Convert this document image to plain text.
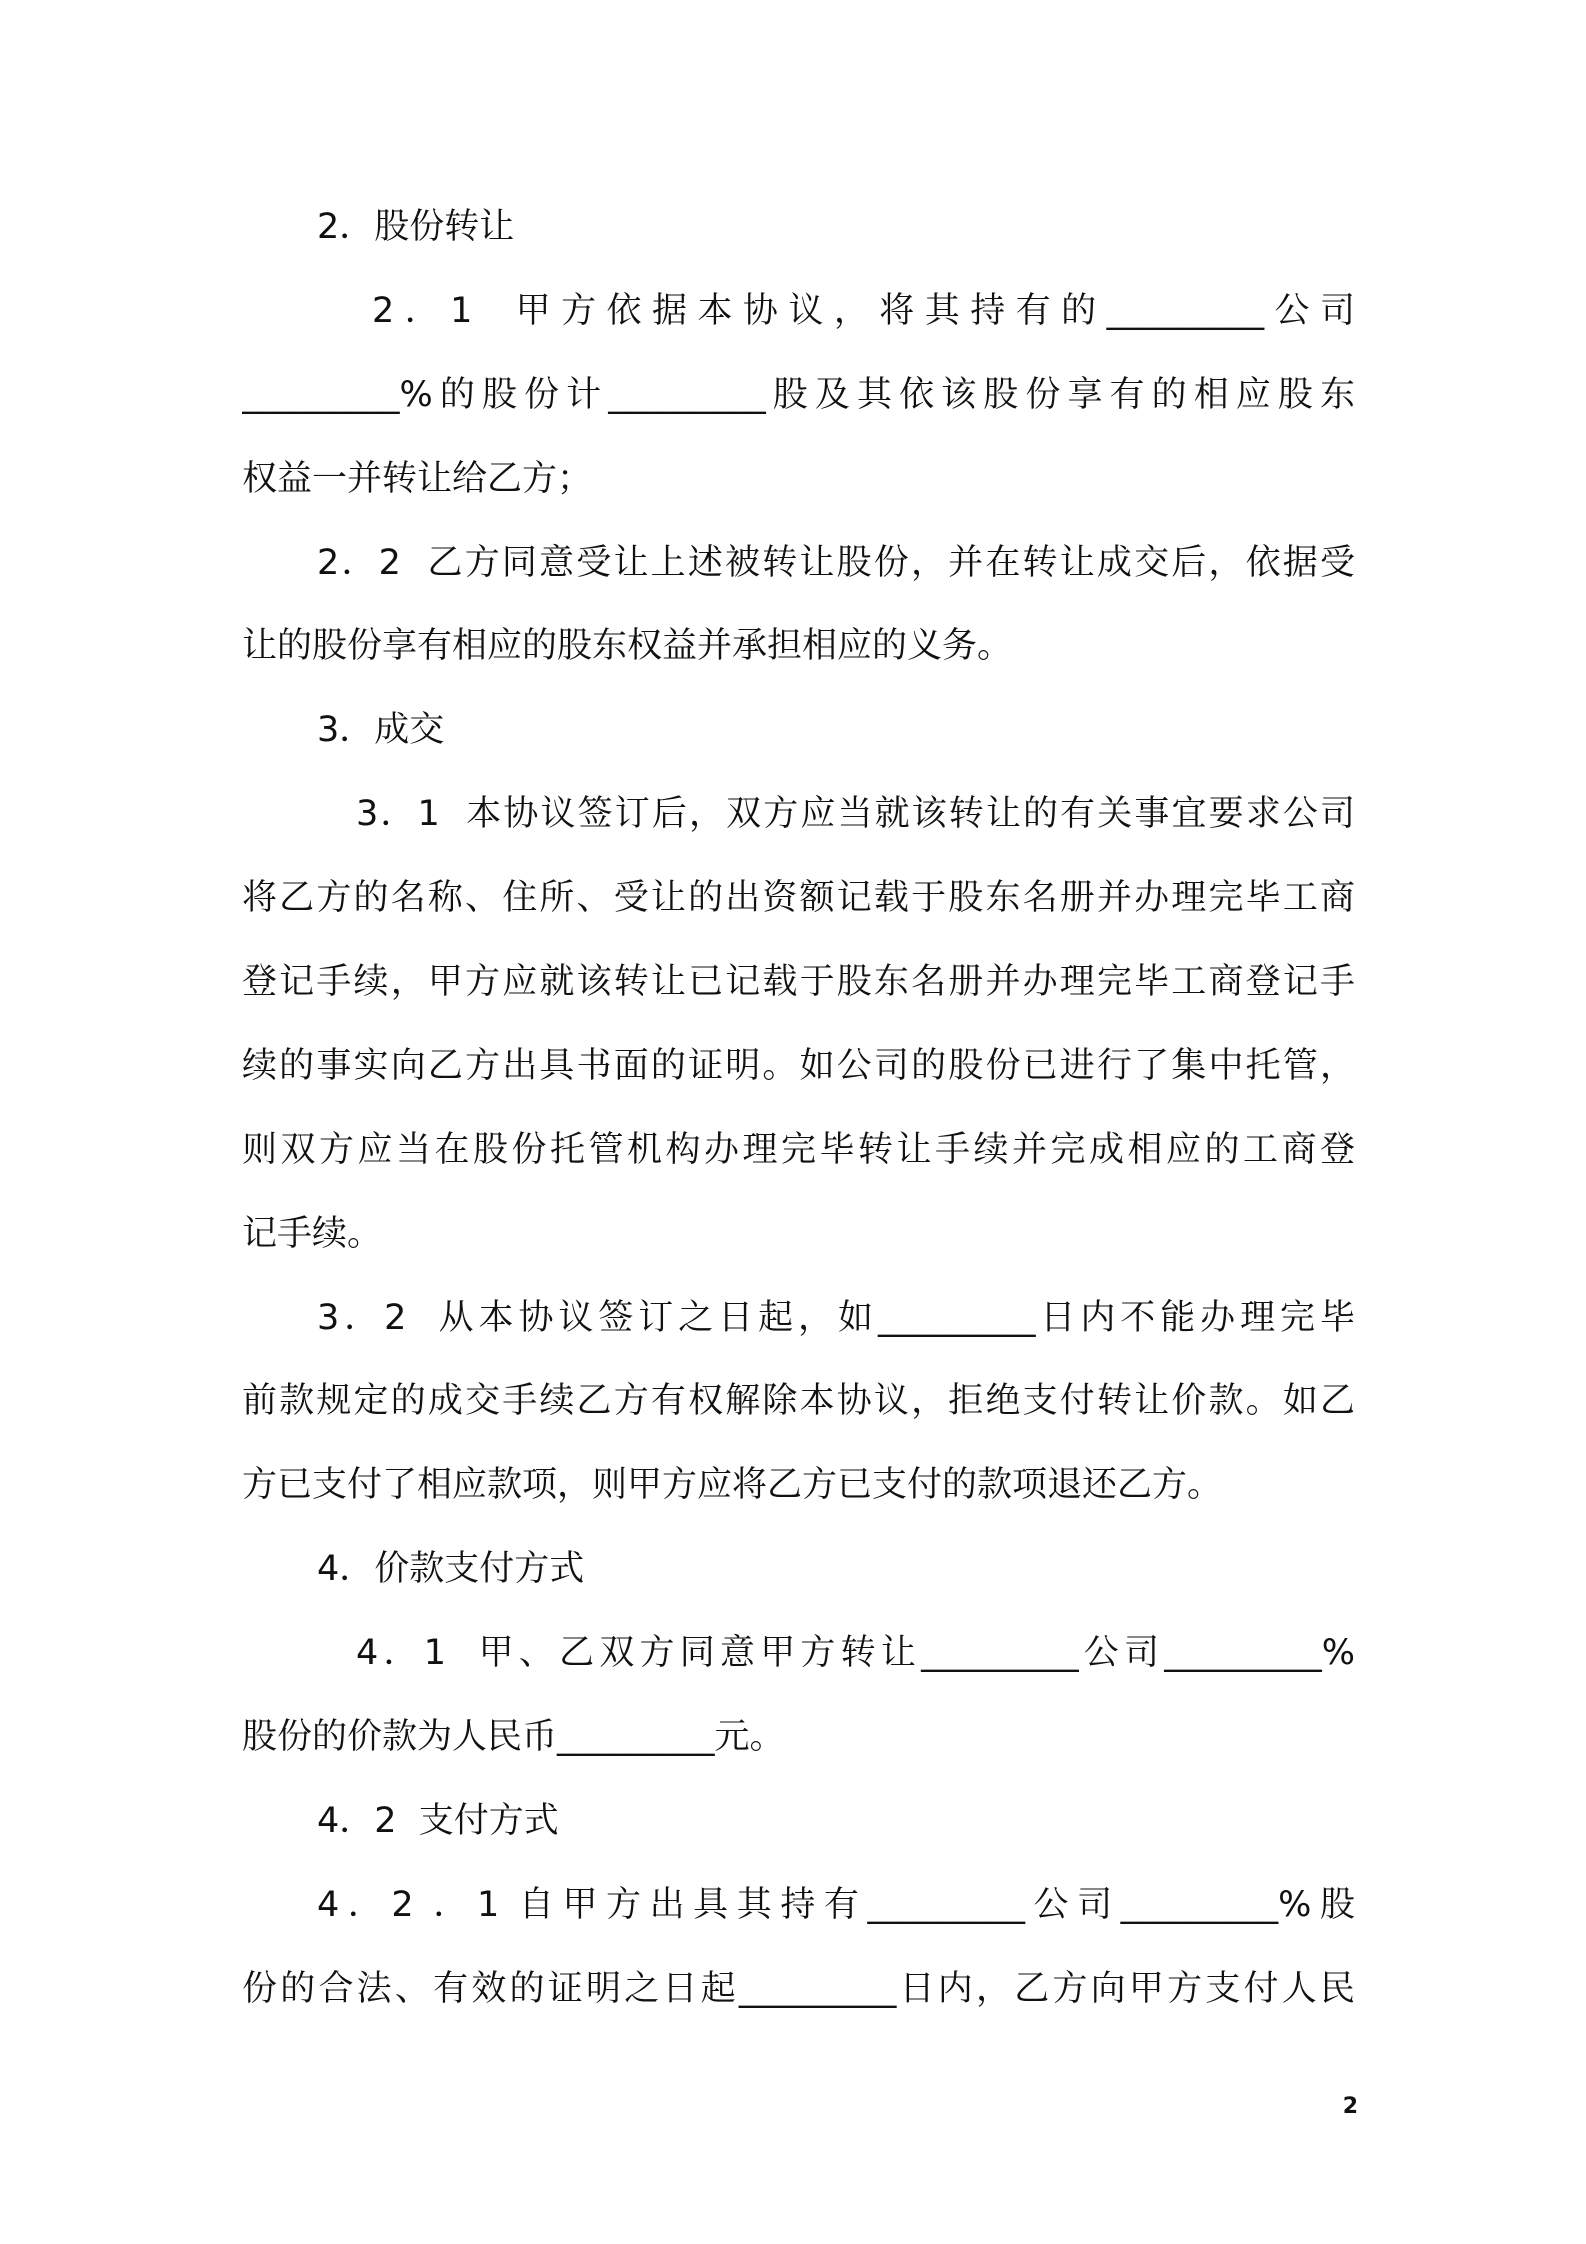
2．股份转让
2．1  甲方依据本协议，将其持有的_________公司
_________%的股份计_________股及其依该股份享有的相应股东
权益一并转让给乙方；
2．2  乙方同意受让上述被转让股份，并在转让成交后，依据受
让的股份享有相应的股东权益并承担相应的义务。
3．成交
3．1  本协议签订后，双方应当就该转让的有关事宜要求公司
将乙方的名称、住所、受让的出资额记载于股东名册并办理完毕工商
登记手续，甲方应就该转让已记载于股东名册并办理完毕工商登记手
续的事实向乙方出具书面的证明。如公司的股份已进行了集中托管，
则双方应当在股份托管机构办理完毕转让手续并完成相应的工商登
记手续。
3．2  从本协议签订之日起，如_________日内不能办理完毕
前款规定的成交手续乙方有权解除本协议，拒绝支付转让价款。如乙
方已支付了相应款项，则甲方应将乙方已支付的款项退还乙方。
4．价款支付方式
4．1  甲、乙双方同意甲方转让_________公司_________%
股份的价款为人民币_________元。
4．2  支付方式
4．2 ．1 自甲方出具其持有_________公司_________%股
份的合法、有效的证明之日起_________日内，乙方向甲方支付人民
2
